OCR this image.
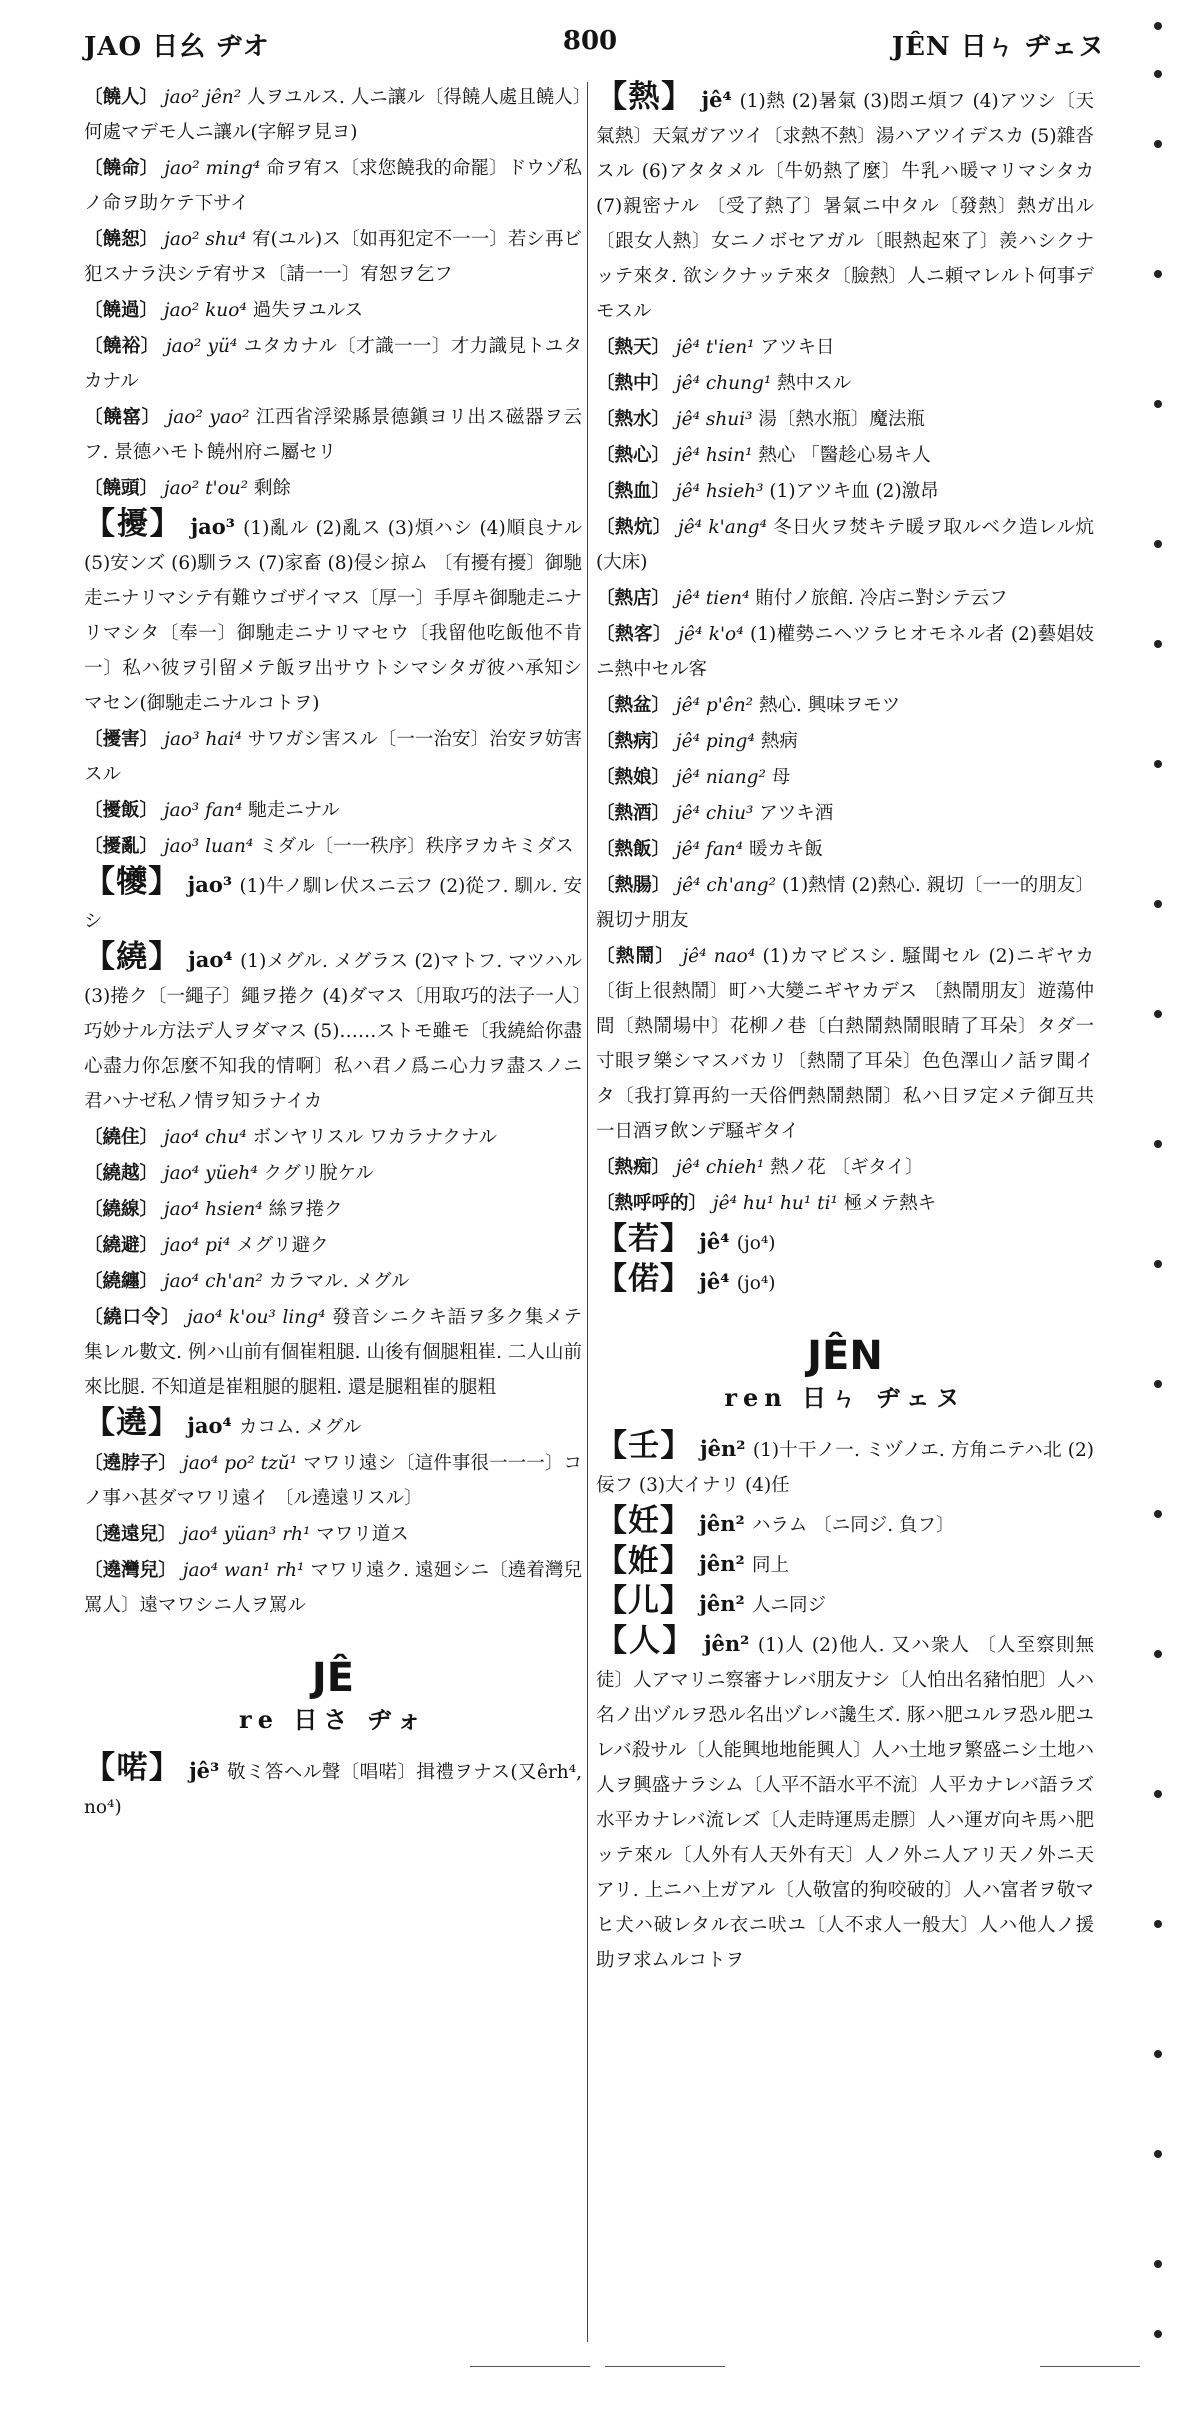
JAO 日幺 ヂオ	800	JÊN 日ㄣ ヂェヌ
〔饒人〕 jao² jên² 人ヲユルス. 人ニ讓ル〔得饒人處且饒人〕何處マデモ人ニ讓ル(字解ヲ見ヨ)
〔饒命〕 jao² ming⁴ 命ヲ宥ス〔求您饒我的命罷〕ドウゾ私ノ命ヲ助ケテ下サイ
〔饒恕〕 jao² shu⁴ 宥(ユル)ス〔如再犯定不一一〕若シ再ビ犯スナラ決シテ宥サヌ〔請一一〕宥恕ヲ乞フ
〔饒過〕 jao² kuo⁴ 過失ヲユルス
〔饒裕〕 jao² yü⁴ ユタカナル〔才識一一〕才力識見トユタカナル
〔饒窰〕 jao² yao² 江西省浮梁縣景德鎭ヨリ出ス磁器ヲ云フ. 景德ハモト饒州府ニ屬セリ
〔饒頭〕 jao² t'ou² 剩餘
【擾】 jao³ (1)亂ル (2)亂ス (3)煩ハシ (4)順良ナル (5)安ンズ (6)馴ラス (7)家畜 (8)侵シ掠ム 〔有擾有擾〕御馳走ニナリマシテ有難ウゴザイマス〔厚一〕手厚キ御馳走ニナリマシタ〔奉一〕御馳走ニナリマセウ〔我留他吃飯他不肯一〕私ハ彼ヲ引留メテ飯ヲ出サウトシマシタガ彼ハ承知シマセン(御馳走ニナルコトヲ)
〔擾害〕 jao³ hai⁴ サワガシ害スル〔一一治安〕治安ヲ妨害スル
〔擾飯〕 jao³ fan⁴ 馳走ニナル
〔擾亂〕 jao³ luan⁴ ミダル〔一一秩序〕秩序ヲカキミダス
【犪】 jao³ (1)牛ノ馴レ伏スニ云フ (2)從フ. 馴ル. 安シ
【繞】 jao⁴ (1)メグル. メグラス (2)マトフ. マツハル (3)捲ク〔一繩子〕繩ヲ捲ク (4)ダマス〔用取巧的法子一人〕巧妙ナル方法デ人ヲダマス (5)……ストモ雖モ〔我繞給你盡心盡力你怎麼不知我的情啊〕私ハ君ノ爲ニ心力ヲ盡スノニ君ハナゼ私ノ情ヲ知ラナイカ
〔繞住〕 jao⁴ chu⁴ ボンヤリスル ワカラナクナル
〔繞越〕 jao⁴ yüeh⁴ クグリ脫ケル
〔繞線〕 jao⁴ hsien⁴ 絲ヲ捲ク
〔繞避〕 jao⁴ pi⁴ メグリ避ク
〔繞纏〕 jao⁴ ch'an² カラマル. メグル
〔繞口令〕 jao⁴ k'ou³ ling⁴ 發音シニクキ語ヲ多ク集メテ集レル數文. 例ハ山前有個崔粗腿. 山後有個腿粗崔. 二人山前來比腿. 不知道是崔粗腿的腿粗. 還是腿粗崔的腿粗
【遶】 jao⁴ カコム. メグル
〔遶脖子〕 jao⁴ po² tzŭ¹ マワリ遠シ〔這件事很一一一〕コノ事ハ甚ダマワリ遠イ 〔ル遶遠リスル〕
〔遶遠兒〕 jao⁴ yüan³ rh¹ マワリ道ス
〔遶灣兒〕 jao⁴ wan¹ rh¹ マワリ遠ク. 遠廻シニ〔遶着灣兒罵人〕遠マワシニ人ヲ罵ル
JÊ
re 日さ ヂォ
【喏】 jê³ 敬ミ答ヘル聲〔唱喏〕揖禮ヲナス(又êrh⁴, no⁴)
【熱】 jê⁴ (1)熱 (2)暑氣 (3)悶エ煩フ (4)アツシ〔天氣熱〕天氣ガアツイ〔求熱不熱〕湯ハアツイデスカ (5)雜沓スル (6)アタタメル〔牛奶熱了麼〕牛乳ハ暖マリマシタカ (7)親密ナル 〔受了熱了〕暑氣ニ中タル〔發熱〕熱ガ出ル〔跟女人熱〕女ニノボセアガル〔眼熱起來了〕羨ハシクナッテ來タ. 欲シクナッテ來タ〔臉熱〕人ニ頼マレルト何事デモスル
〔熱天〕 jê⁴ t'ien¹ アツキ日
〔熱中〕 jê⁴ chung¹ 熱中スル
〔熱水〕 jê⁴ shui³ 湯〔熱水瓶〕魔法瓶
〔熱心〕 jê⁴ hsin¹ 熱心 「醫趁心易キ人
〔熱血〕 jê⁴ hsieh³ (1)アツキ血 (2)激昂
〔熱炕〕 jê⁴ k'ang⁴ 冬日火ヲ焚キテ暖ヲ取ルベク造レル炕(大床)
〔熱店〕 jê⁴ tien⁴ 賄付ノ旅館. 冷店ニ對シテ云フ
〔熱客〕 jê⁴ k'o⁴ (1)權勢ニヘツラヒオモネル者 (2)藝娼妓ニ熱中セル客
〔熱盆〕 jê⁴ p'ên² 熱心. 興味ヲモツ
〔熱病〕 jê⁴ ping⁴ 熱病
〔熱娘〕 jê⁴ niang² 母
〔熱酒〕 jê⁴ chiu³ アツキ酒
〔熱飯〕 jê⁴ fan⁴ 暖カキ飯
〔熱腸〕 jê⁴ ch'ang² (1)熱情 (2)熱心. 親切〔一一的朋友〕親切ナ朋友
〔熱鬧〕 jê⁴ nao⁴ (1)カマビスシ. 騒聞セル (2)ニギヤカ〔街上很熱鬧〕町ハ大變ニギヤカデス 〔熱鬧朋友〕遊蕩仲間〔熱鬧場中〕花柳ノ巷〔白熱鬧熱鬧眼睛了耳朵〕タダ一寸眼ヲ樂シマスバカリ〔熱鬧了耳朵〕色色澤山ノ話ヲ聞イタ〔我打算再約一天俗們熱鬧熱鬧〕私ハ日ヲ定メテ御互共一日酒ヲ飲ンデ騒ギタイ
〔熱痴〕 jê⁴ chieh¹ 熱ノ花 〔ギタイ〕
〔熱呼呼的〕 jê⁴ hu¹ hu¹ ti¹ 極メテ熱キ
【若】 jê⁴ (jo⁴)
【偌】 jê⁴ (jo⁴)
JÊN
ren 日ㄣ ヂェヌ
【壬】 jên² (1)十干ノ一. ミヅノエ. 方角ニテハ北 (2)佞フ (3)大イナリ (4)任
【妊】 jên² ハラム 〔ニ同ジ. 負フ〕
【姙】 jên² 同上
【儿】 jên² 人ニ同ジ
【人】 jên² (1)人 (2)他人. 又ハ衆人 〔人至察則無徒〕人アマリニ察審ナレバ朋友ナシ〔人怕出名豬怕肥〕人ハ名ノ出ヅルヲ恐ル名出ヅレバ讒生ズ. 豚ハ肥ユルヲ恐ル肥ユレバ殺サル〔人能興地地能興人〕人ハ土地ヲ繁盛ニシ土地ハ人ヲ興盛ナラシム〔人平不語水平不流〕人平カナレバ語ラズ水平カナレバ流レズ〔人走時運馬走膘〕人ハ運ガ向キ馬ハ肥ッテ來ル〔人外有人天外有天〕人ノ外ニ人アリ天ノ外ニ天アリ. 上ニハ上ガアル〔人敬富的狗咬破的〕人ハ富者ヲ敬マヒ犬ハ破レタル衣ニ吠ユ〔人不求人一般大〕人ハ他人ノ援助ヲ求ムルコトヲ
